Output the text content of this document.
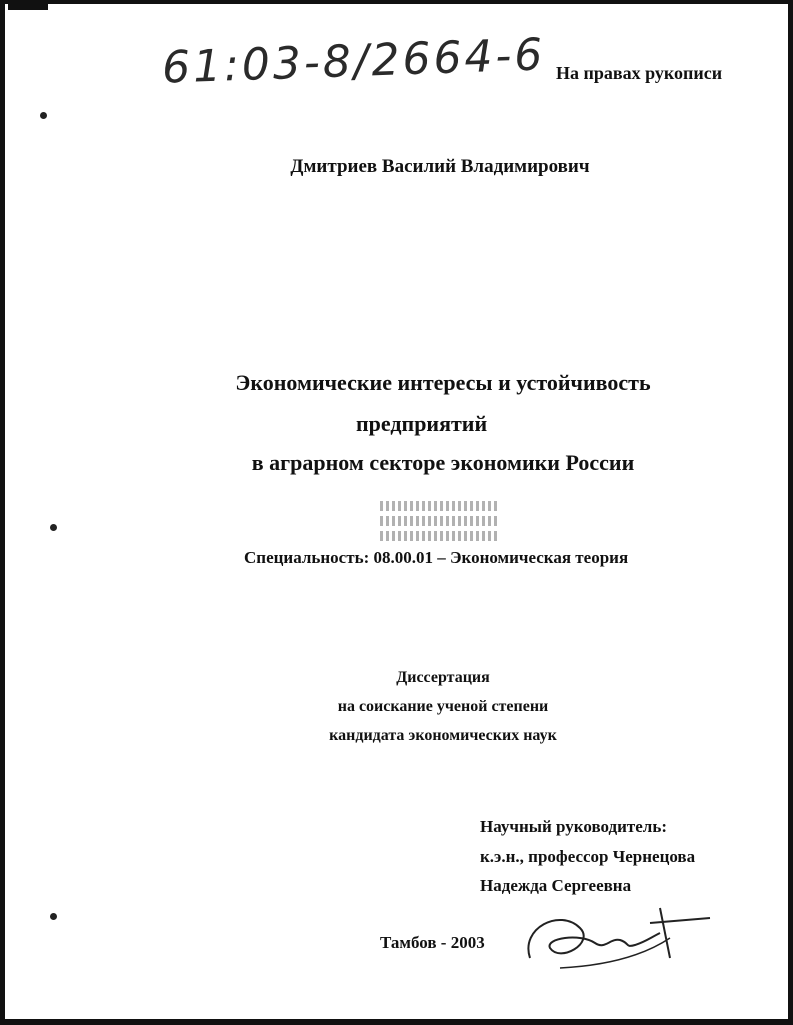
61:03-8/2664-6 На правах рукописи
Дмитриев Василий Владимирович
Экономические интересы и устойчивость
предприятий
в аграрном секторе экономики России
Специальность: 08.00.01 – Экономическая теория
Диссертация
на соискание ученой степени
кандидата экономических наук
Научный руководитель:
к.э.н., профессор Чернецова
Надежда Сергеевна
Тамбов - 2003
